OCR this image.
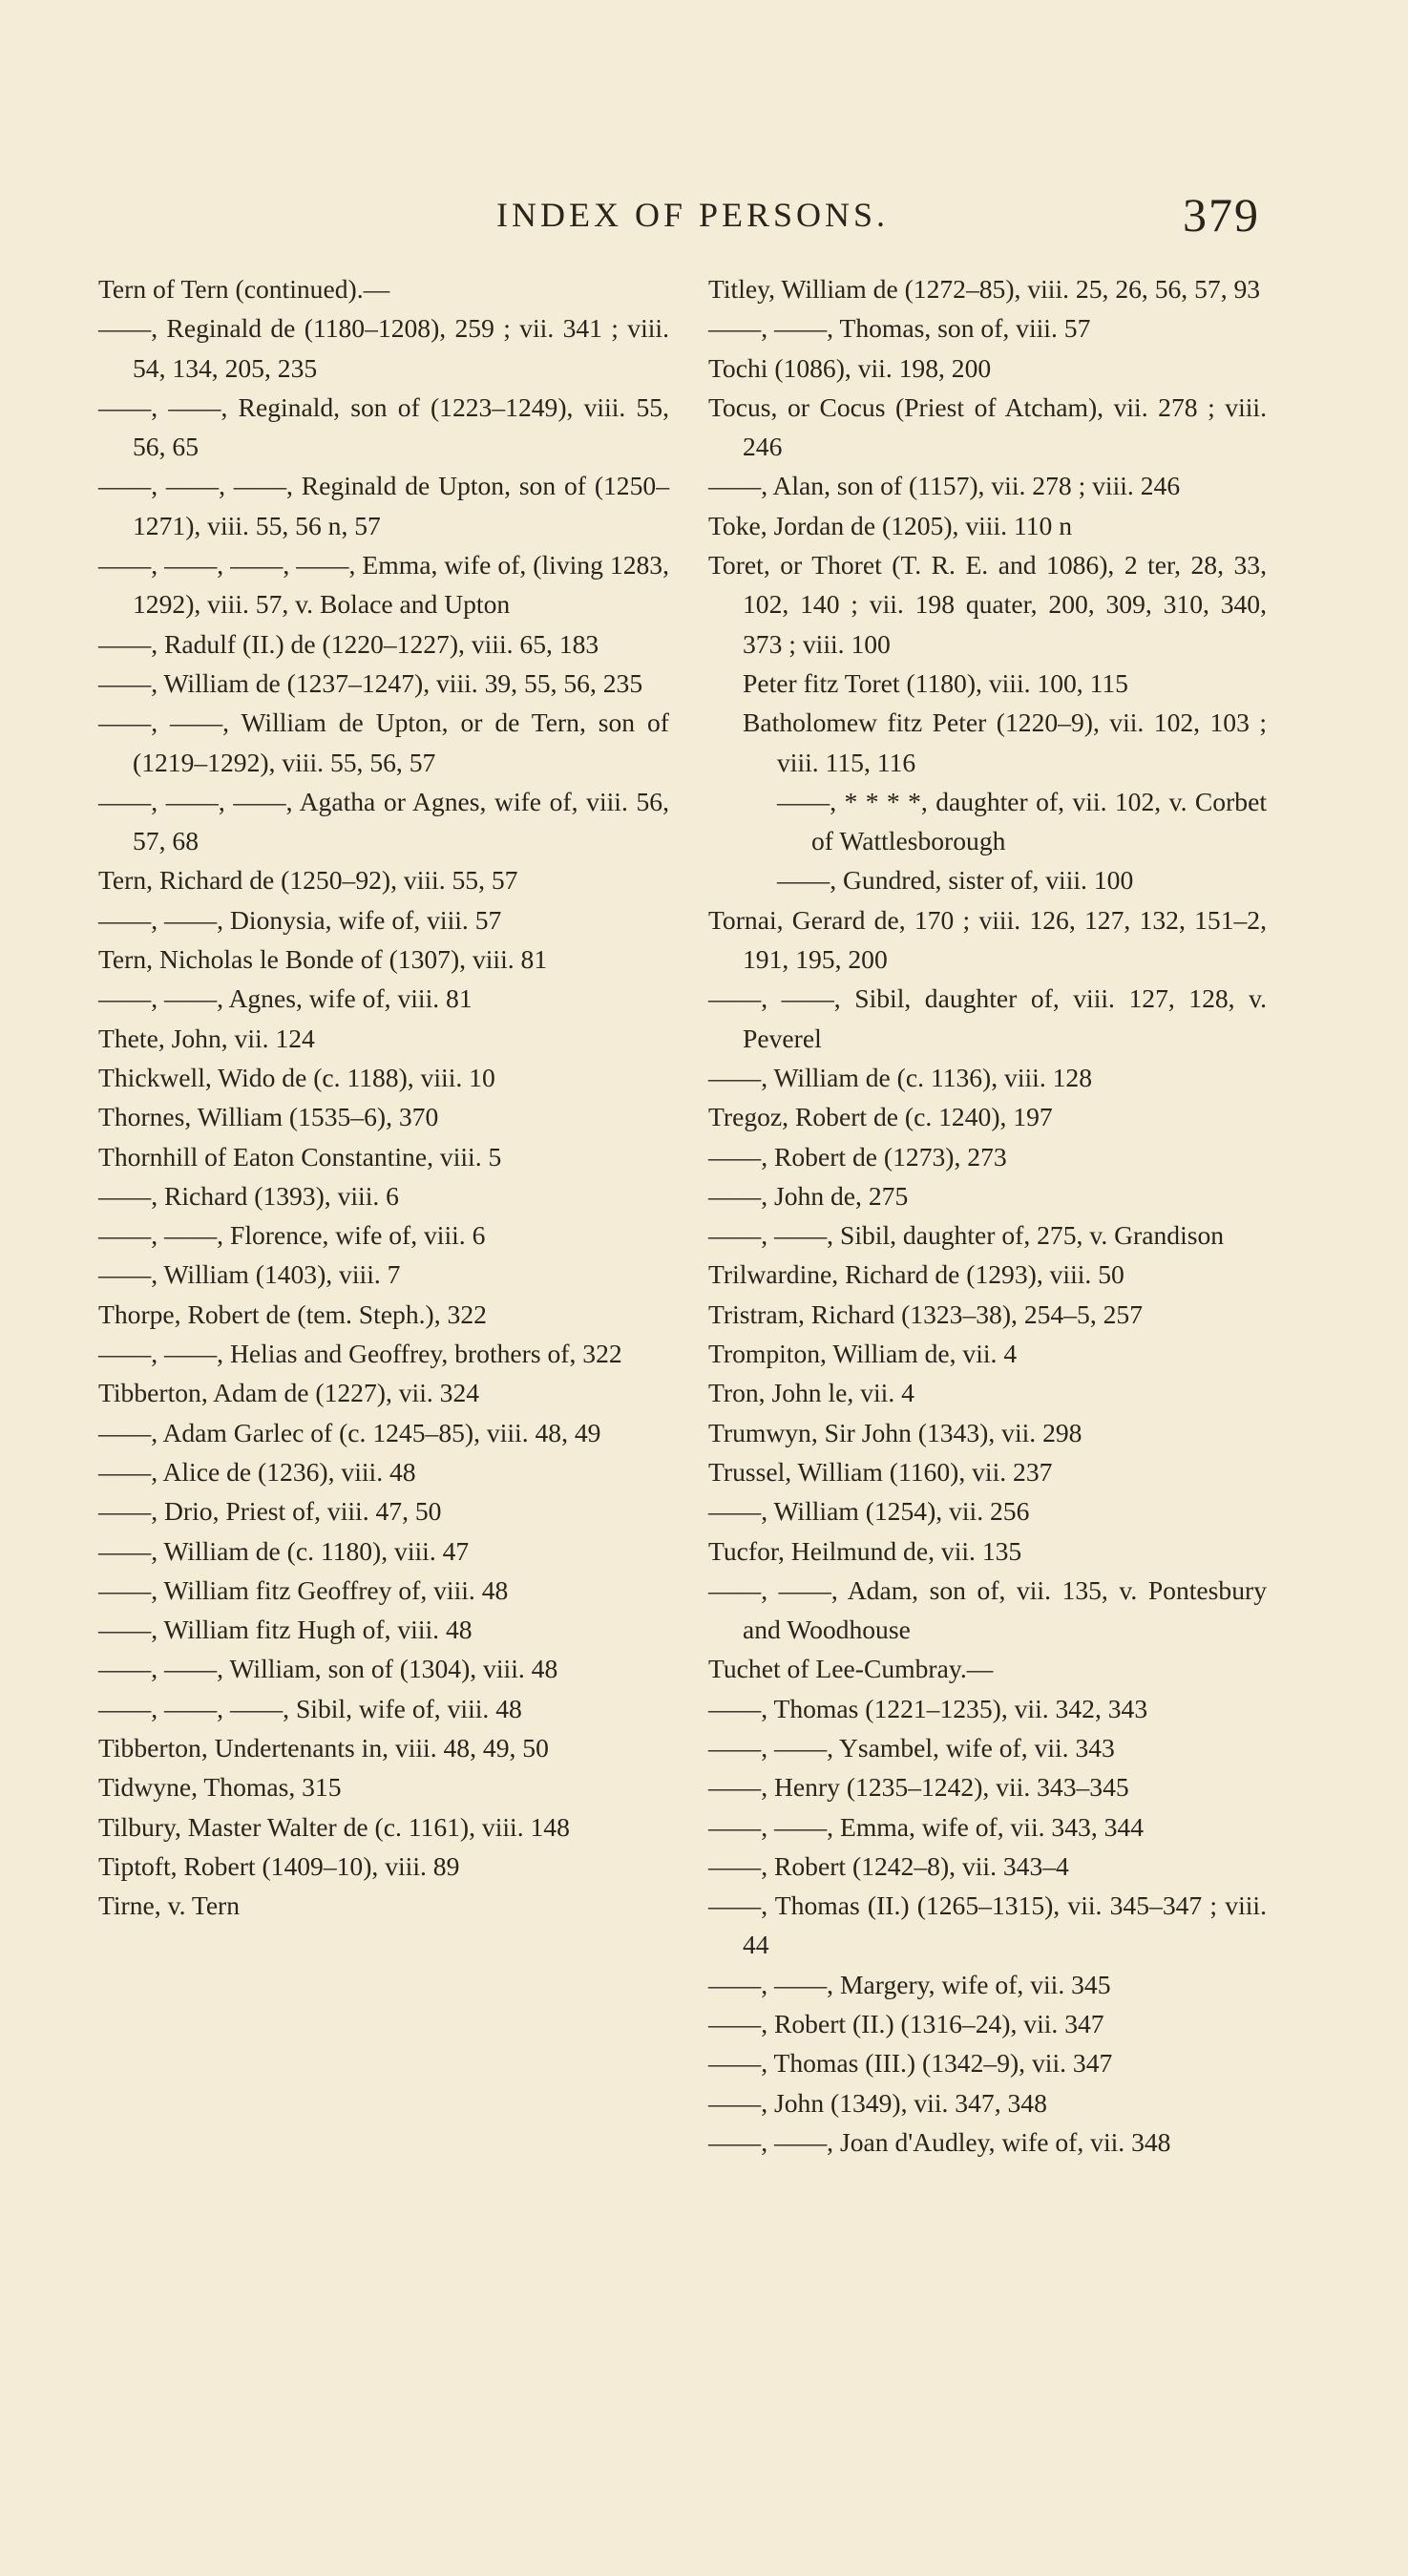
INDEX OF PERSONS.	379
Tern of Tern (continued).—
——, Reginald de (1180–1208), 259 ; vii. 341 ; viii. 54, 134, 205, 235
——, ——, Reginald, son of (1223–1249), viii. 55, 56, 65
——, ——, ——, Reginald de Upton, son of (1250–1271), viii. 55, 56 n, 57
——, ——, ——, ——, Emma, wife of, (living 1283, 1292), viii. 57, v. Bolace and Upton
——, Radulf (II.) de (1220–1227), viii. 65, 183
——, William de (1237–1247), viii. 39, 55, 56, 235
——, ——, William de Upton, or de Tern, son of (1219–1292), viii. 55, 56, 57
——, ——, ——, Agatha or Agnes, wife of, viii. 56, 57, 68
Tern, Richard de (1250–92), viii. 55, 57
——, ——, Dionysia, wife of, viii. 57
Tern, Nicholas le Bonde of (1307), viii. 81
——, ——, Agnes, wife of, viii. 81
Thete, John, vii. 124
Thickwell, Wido de (c. 1188), viii. 10
Thornes, William (1535–6), 370
Thornhill of Eaton Constantine, viii. 5
——, Richard (1393), viii. 6
——, ——, Florence, wife of, viii. 6
——, William (1403), viii. 7
Thorpe, Robert de (tem. Steph.), 322
——, ——, Helias and Geoffrey, brothers of, 322
Tibberton, Adam de (1227), vii. 324
——, Adam Garlec of (c. 1245–85), viii. 48, 49
——, Alice de (1236), viii. 48
——, Drio, Priest of, viii. 47, 50
——, William de (c. 1180), viii. 47
——, William fitz Geoffrey of, viii. 48
——, William fitz Hugh of, viii. 48
——, ——, William, son of (1304), viii. 48
——, ——, ——, Sibil, wife of, viii. 48
Tibberton, Undertenants in, viii. 48, 49, 50
Tidwyne, Thomas, 315
Tilbury, Master Walter de (c. 1161), viii. 148
Tiptoft, Robert (1409–10), viii. 89
Tirne, v. Tern
Titley, William de (1272–85), viii. 25, 26, 56, 57, 93
——, ——, Thomas, son of, viii. 57
Tochi (1086), vii. 198, 200
Tocus, or Cocus (Priest of Atcham), vii. 278 ; viii. 246
——, Alan, son of (1157), vii. 278 ; viii. 246
Toke, Jordan de (1205), viii. 110 n
Toret, or Thoret (T. R. E. and 1086), 2 ter, 28, 33, 102, 140 ; vii. 198 quater, 200, 309, 310, 340, 373 ; viii. 100
Peter fitz Toret (1180), viii. 100, 115
Batholomew fitz Peter (1220–9), vii. 102, 103 ; viii. 115, 116
——, * * * *, daughter of, vii. 102, v. Corbet of Wattlesborough
——, Gundred, sister of, viii. 100
Tornai, Gerard de, 170 ; viii. 126, 127, 132, 151–2, 191, 195, 200
——, ——, Sibil, daughter of, viii. 127, 128, v. Peverel
——, William de (c. 1136), viii. 128
Tregoz, Robert de (c. 1240), 197
——, Robert de (1273), 273
——, John de, 275
——, ——, Sibil, daughter of, 275, v. Grandison
Trilwardine, Richard de (1293), viii. 50
Tristram, Richard (1323–38), 254–5, 257
Trompiton, William de, vii. 4
Tron, John le, vii. 4
Trumwyn, Sir John (1343), vii. 298
Trussel, William (1160), vii. 237
——, William (1254), vii. 256
Tucfor, Heilmund de, vii. 135
——, ——, Adam, son of, vii. 135, v. Pontesbury and Woodhouse
Tuchet of Lee-Cumbray.—
——, Thomas (1221–1235), vii. 342, 343
——, ——, Ysambel, wife of, vii. 343
——, Henry (1235–1242), vii. 343–345
——, ——, Emma, wife of, vii. 343, 344
——, Robert (1242–8), vii. 343–4
——, Thomas (II.) (1265–1315), vii. 345–347 ; viii. 44
——, ——, Margery, wife of, vii. 345
——, Robert (II.) (1316–24), vii. 347
——, Thomas (III.) (1342–9), vii. 347
——, John (1349), vii. 347, 348
——, ——, Joan d'Audley, wife of, vii. 348
